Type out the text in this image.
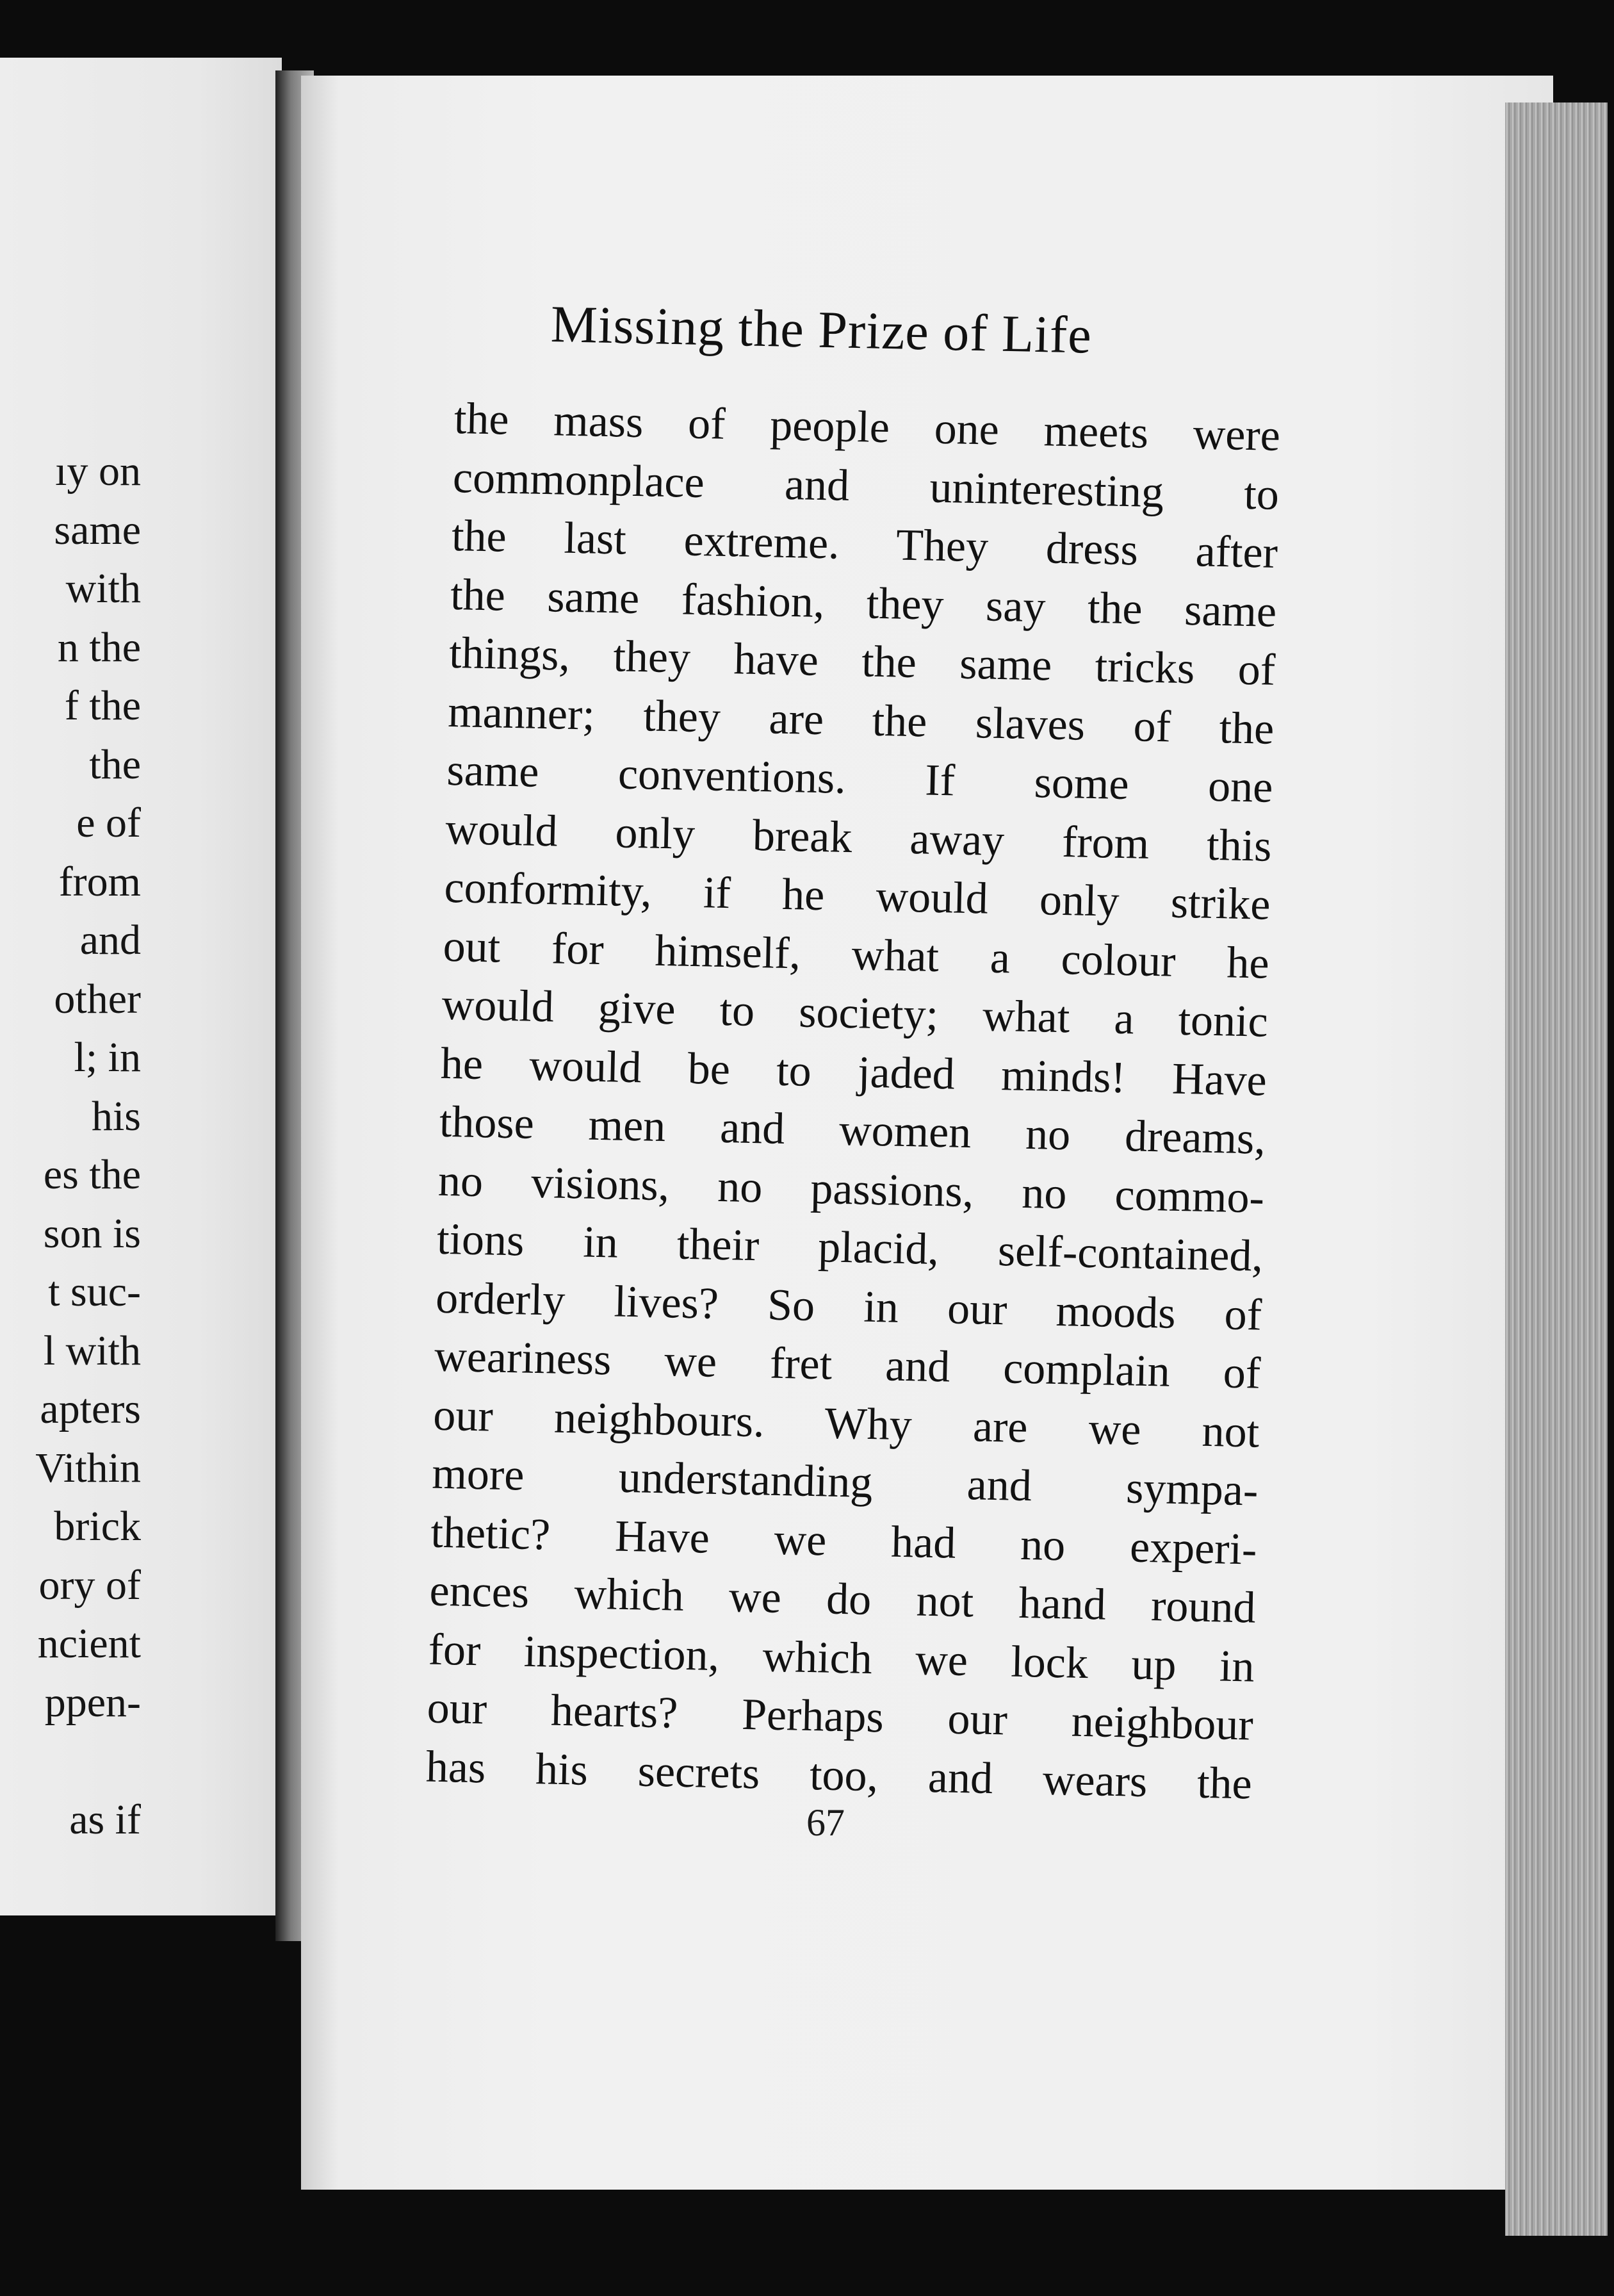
ıy on
same
with
n the
f the
the
e of
from
and
other
l; in
his
es the
son is
t suc-
l with
apters
Vithin
brick
ory of
ncient
ppen-
as if
Missing the Prize of Life
the mass of people one meets were
commonplace and uninteresting to
the last extreme. They dress after
the same fashion, they say the same
things, they have the same tricks of
manner; they are the slaves of the
same conventions. If some one
would only break away from this
conformity, if he would only strike
out for himself, what a colour he
would give to society; what a tonic
he would be to jaded minds! Have
those men and women no dreams,
no visions, no passions, no commo-
tions in their placid, self-contained,
orderly lives? So in our moods of
weariness we fret and complain of
our neighbours. Why are we not
more understanding and sympa-
thetic? Have we had no experi-
ences which we do not hand round
for inspection, which we lock up in
our hearts? Perhaps our neighbour
has his secrets too, and wears the
67
